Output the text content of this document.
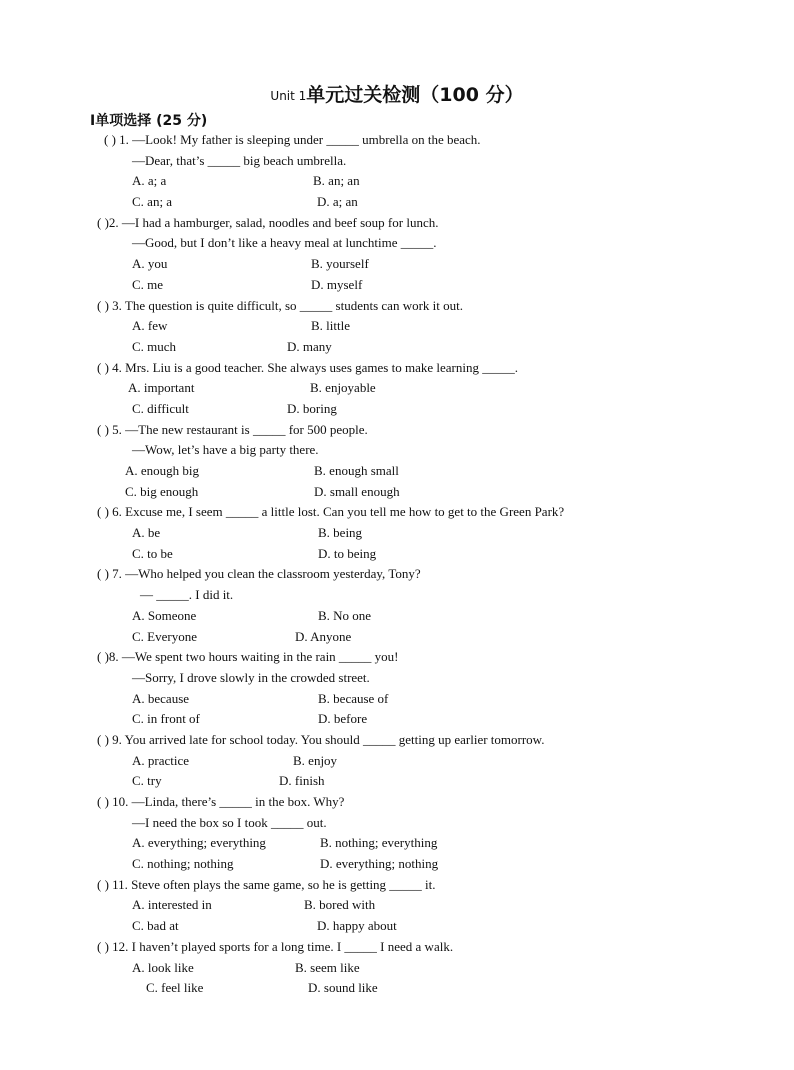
Unit 1单元过关检测（100 分）
Ⅰ单项选择 (25 分)
( ) 1. —Look! My father is sleeping under _____ umbrella on the beach.
—Dear, that’s _____ big beach umbrella.
A. a; a	B. an; an
C. an; a	D. a; an
( )2. —I had a hamburger, salad, noodles and beef soup for lunch.
—Good, but I don’t like a heavy meal at lunchtime _____.
A. you	B. yourself
C. me	D. myself
( ) 3. The question is quite difficult, so _____ students can work it out.
A. few	B. little
C. much	D. many
( ) 4. Mrs. Liu is a good teacher. She always uses games to make learning _____.
A. important	B. enjoyable
C. difficult	D. boring
( ) 5. —The new restaurant is _____ for 500 people.
—Wow, let’s have a big party there.
A. enough big	B. enough small
C. big enough	D. small enough
( ) 6. Excuse me, I seem _____ a little lost. Can you tell me how to get to the Green Park?
A. be	B. being
C. to be	D. to being
( ) 7. —Who helped you clean the classroom yesterday, Tony?
— _____. I did it.
A. Someone	B. No one
C. Everyone	D. Anyone
( )8. —We spent two hours waiting in the rain _____ you!
—Sorry, I drove slowly in the crowded street.
A. because	B. because of
C. in front of	D. before
( ) 9. You arrived late for school today. You should _____ getting up earlier tomorrow.
A. practice	B. enjoy
C. try	D. finish
( ) 10. —Linda, there’s _____ in the box. Why?
—I need the box so I took _____ out.
A. everything; everything	B. nothing; everything
C. nothing; nothing	D. everything; nothing
( ) 11. Steve often plays the same game, so he is getting _____ it.
A. interested in	B. bored with
C. bad at	D. happy about
( ) 12. I haven’t played sports for a long time. I _____ I need a walk.
A. look like	B. seem like
C. feel like	D. sound like
